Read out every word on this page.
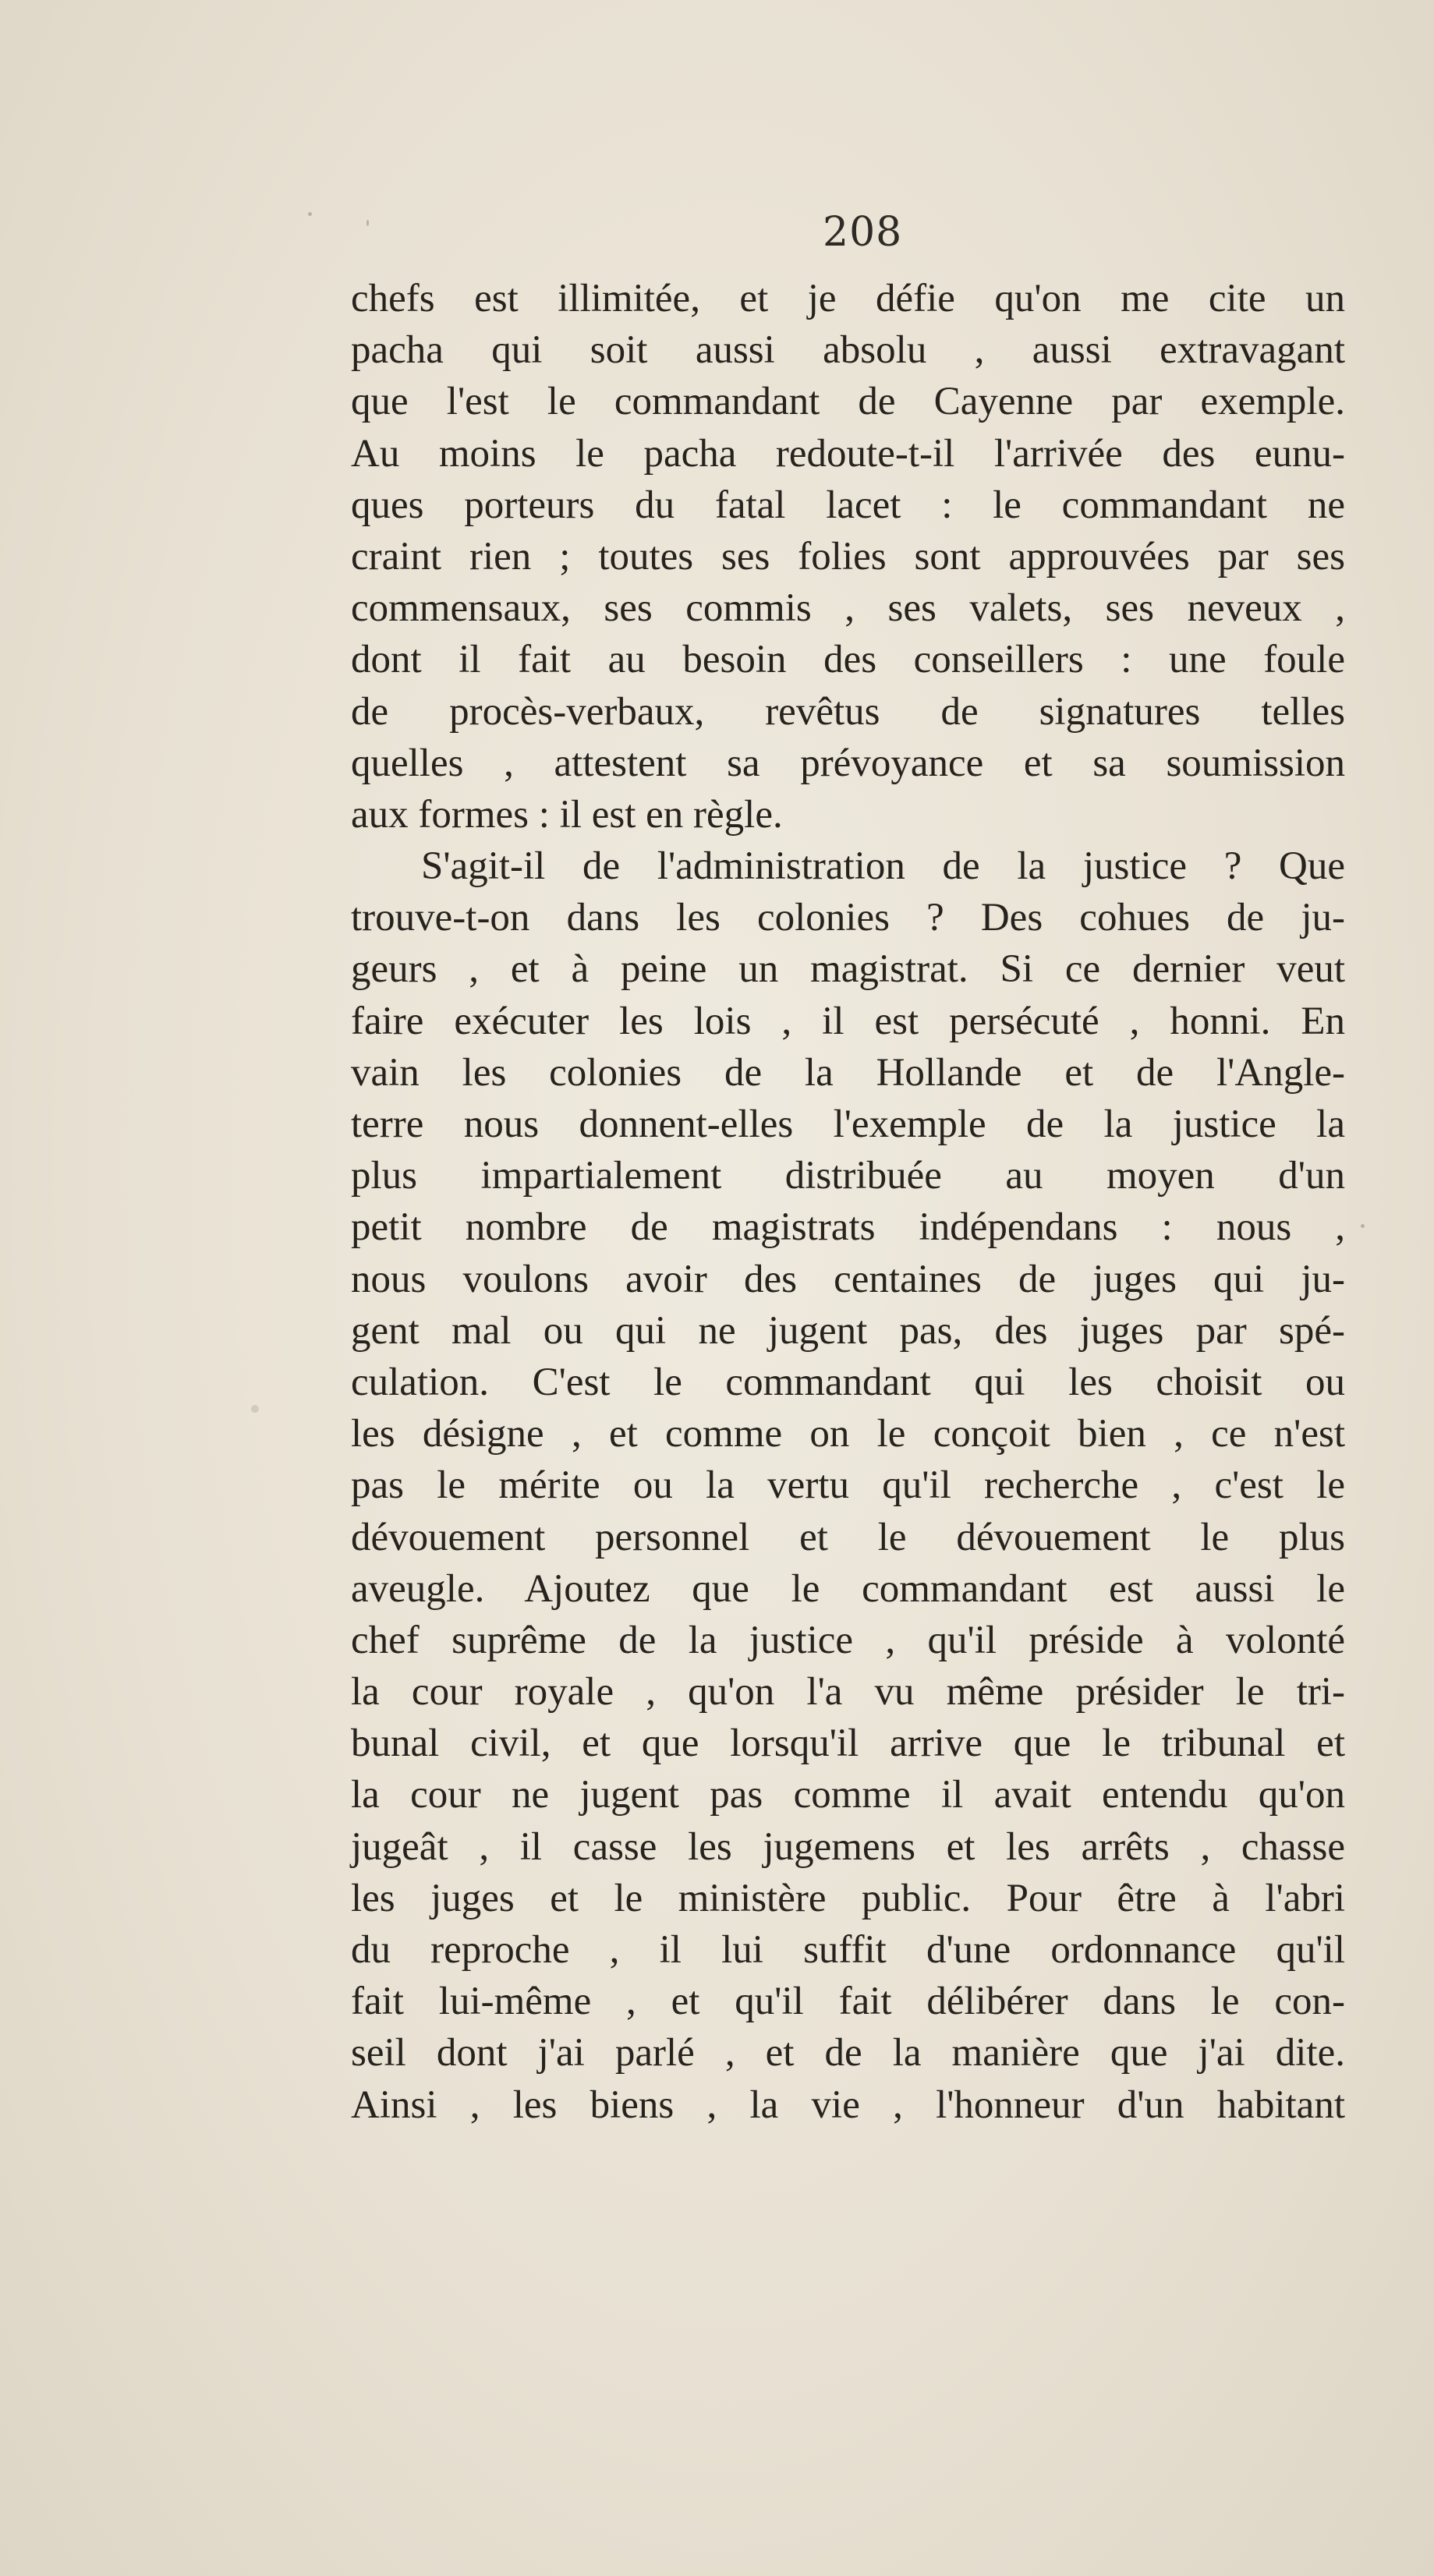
208
chefs est illimitée, et je défie qu'on me cite un
pacha qui soit aussi absolu , aussi extravagant
que l'est le commandant de Cayenne par exemple.
Au moins le pacha redoute-t-il l'arrivée des eunu-
ques porteurs du fatal lacet : le commandant ne
craint rien ; toutes ses folies sont approuvées par ses
commensaux, ses commis , ses valets, ses neveux ,
dont il fait au besoin des conseillers : une foule
de procès-verbaux, revêtus de signatures telles
quelles , attestent sa prévoyance et sa soumission
aux formes : il est en règle.
S'agit-il de l'administration de la justice ? Que
trouve-t-on dans les colonies ? Des cohues de ju-
geurs , et à peine un magistrat. Si ce dernier veut
faire exécuter les lois , il est persécuté , honni. En
vain les colonies de la Hollande et de l'Angle-
terre nous donnent-elles l'exemple de la justice la
plus impartialement distribuée au moyen d'un
petit nombre de magistrats indépendans : nous ,
nous voulons avoir des centaines de juges qui ju-
gent mal ou qui ne jugent pas, des juges par spé-
culation. C'est le commandant qui les choisit ou
les désigne , et comme on le conçoit bien , ce n'est
pas le mérite ou la vertu qu'il recherche , c'est le
dévouement personnel et le dévouement le plus
aveugle. Ajoutez que le commandant est aussi le
chef suprême de la justice , qu'il préside à volonté
la cour royale , qu'on l'a vu même présider le tri-
bunal civil, et que lorsqu'il arrive que le tribunal et
la cour ne jugent pas comme il avait entendu qu'on
jugeât , il casse les jugemens et les arrêts , chasse
les juges et le ministère public. Pour être à l'abri
du reproche , il lui suffit d'une ordonnance qu'il
fait lui-même , et qu'il fait délibérer dans le con-
seil dont j'ai parlé , et de la manière que j'ai dite.
Ainsi , les biens , la vie , l'honneur d'un habitant
